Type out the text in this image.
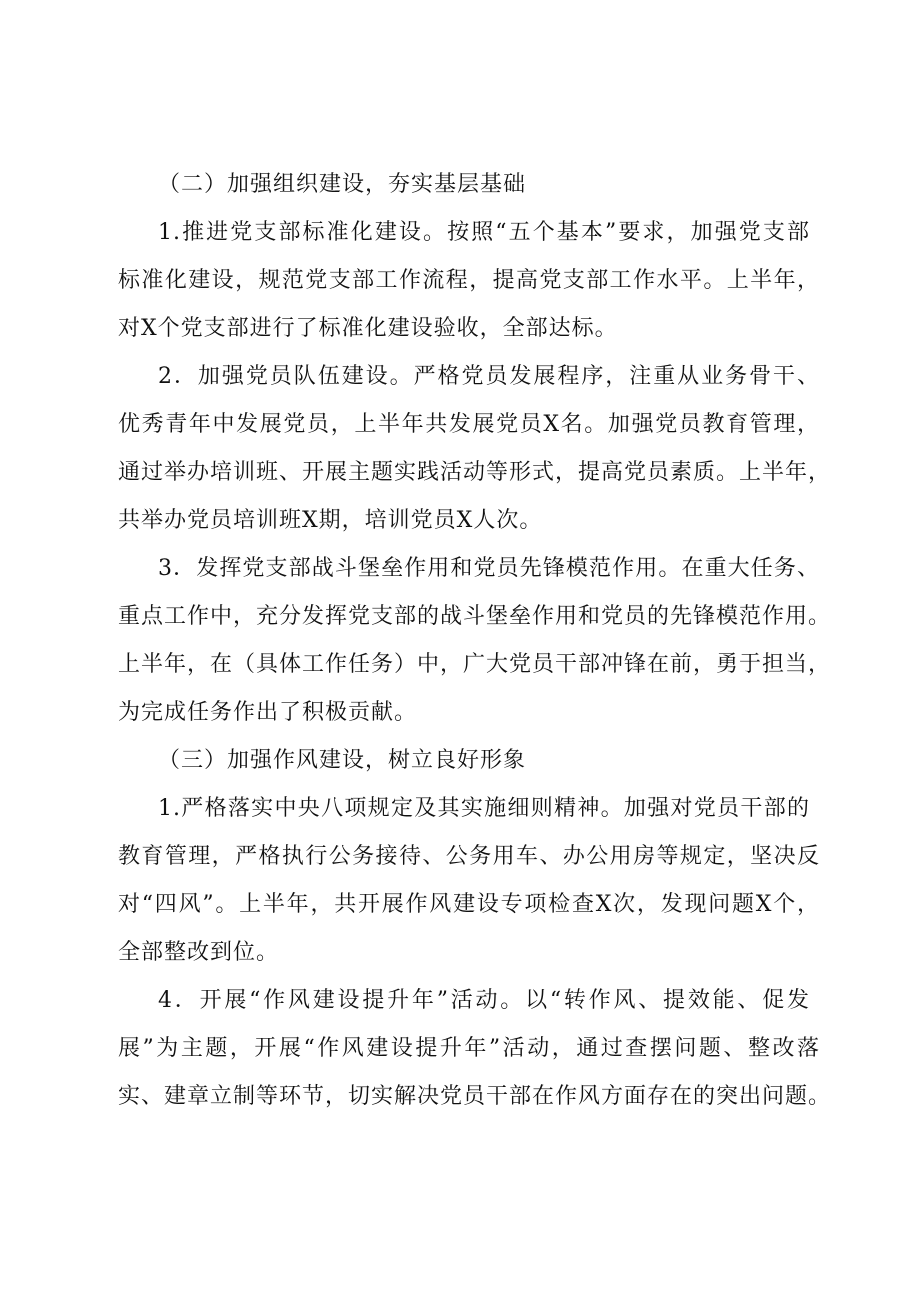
（二）加强组织建设，夯实基层基础

1.推进党支部标准化建设。按照“五个基本”要求，加强党支部

标准化建设，规范党支部工作流程，提高党支部工作水平。上半年，

对X个党支部进行了标准化建设验收，全部达标。

2．加强党员队伍建设。严格党员发展程序，注重从业务骨干、

优秀青年中发展党员，上半年共发展党员X名。加强党员教育管理，

通过举办培训班、开展主题实践活动等形式，提高党员素质。上半年，

共举办党员培训班X期，培训党员X人次。

3．发挥党支部战斗堡垒作用和党员先锋模范作用。在重大任务、

重点工作中，充分发挥党支部的战斗堡垒作用和党员的先锋模范作用。

上半年，在（具体工作任务）中，广大党员干部冲锋在前，勇于担当，

为完成任务作出了积极贡献。

（三）加强作风建设，树立良好形象

1.严格落实中央八项规定及其实施细则精神。加强对党员干部的

教育管理，严格执行公务接待、公务用车、办公用房等规定，坚决反

对“四风”。上半年，共开展作风建设专项检查X次，发现问题X个，

全部整改到位。

4．开展“作风建设提升年”活动。以“转作风、提效能、促发

展”为主题，开展“作风建设提升年”活动，通过查摆问题、整改落

实、建章立制等环节，切实解决党员干部在作风方面存在的突出问题。
